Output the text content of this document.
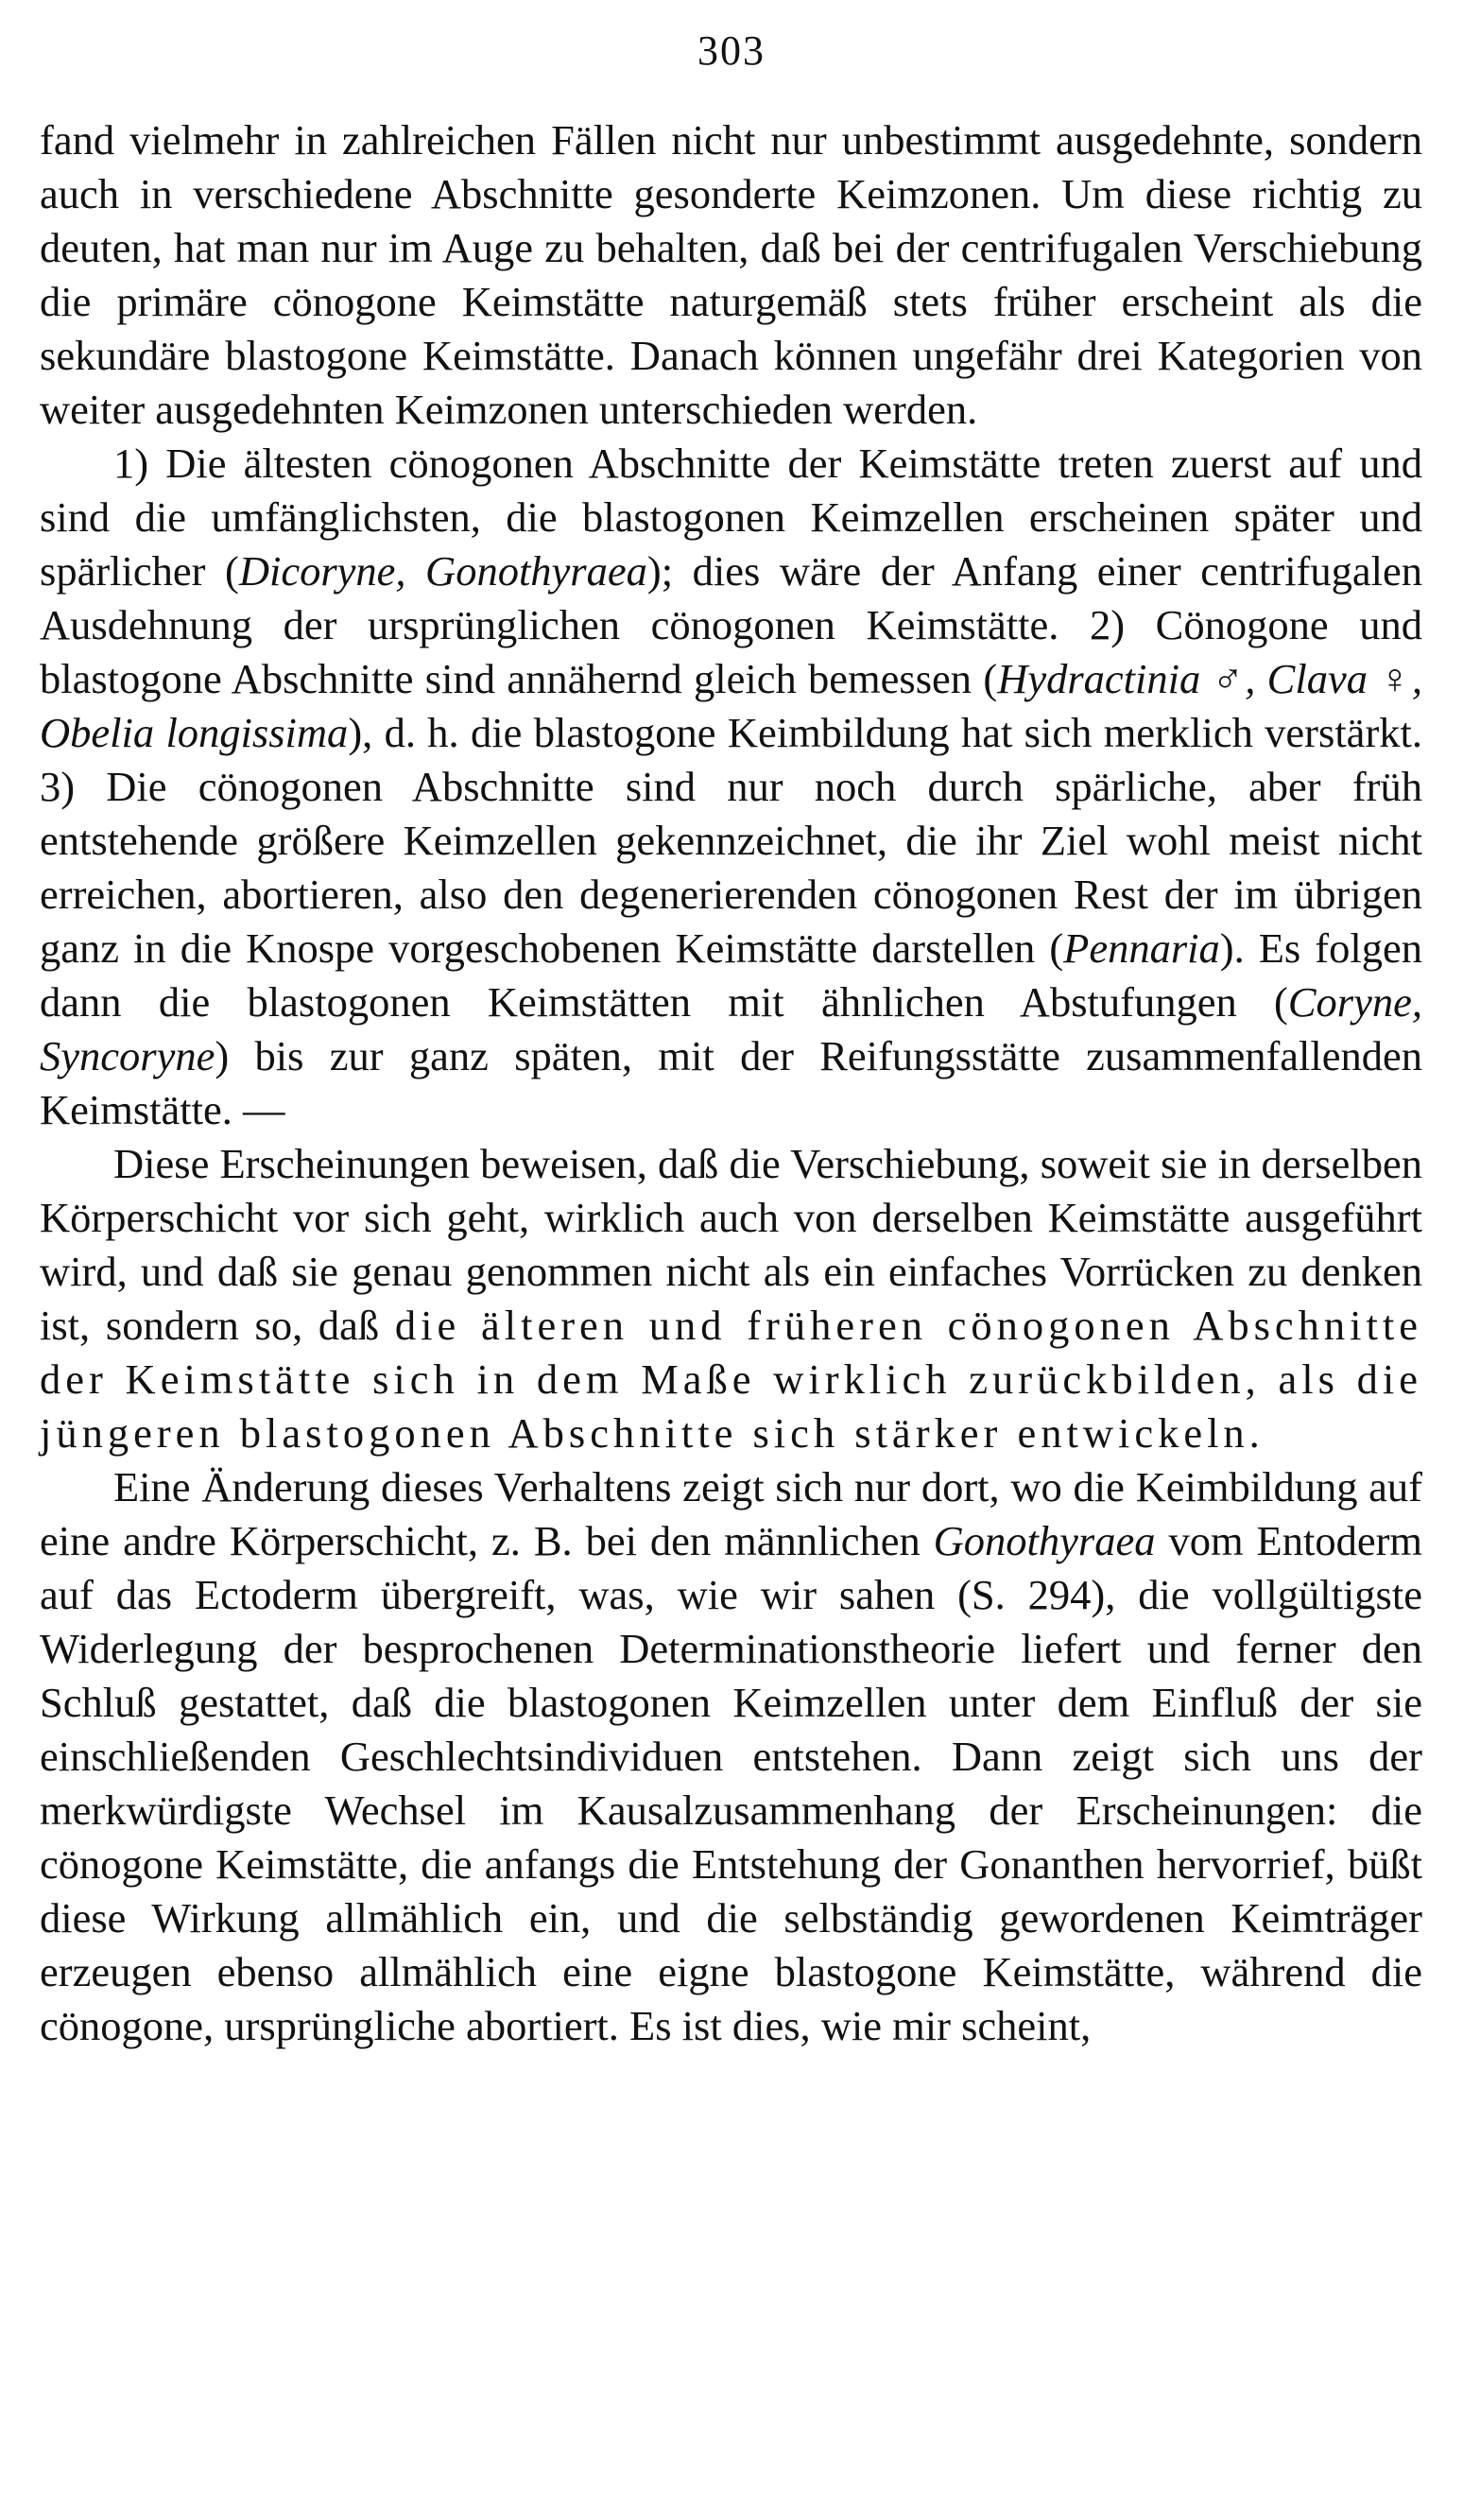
303

fand vielmehr in zahlreichen Fällen nicht nur unbestimmt ausgedehnte, sondern auch in verschiedene Abschnitte gesonderte Keimzonen. Um diese richtig zu deuten, hat man nur im Auge zu behalten, daß bei der centrifugalen Verschiebung die primäre cönogone Keimstätte naturgemäß stets früher erscheint als die sekundäre blastogone Keimstätte. Danach können ungefähr drei Kategorien von weiter ausgedehnten Keimzonen unterschieden werden.

1) Die ältesten cönogonen Abschnitte der Keimstätte treten zuerst auf und sind die umfänglichsten, die blastogonen Keimzellen erscheinen später und spärlicher (Dicoryne, Gonothyraea); dies wäre der Anfang einer centrifugalen Ausdehnung der ursprünglichen cönogonen Keimstätte. 2) Cönogone und blastogone Abschnitte sind annähernd gleich bemessen (Hydractinia ♂, Clava ♀, Obelia longissima), d. h. die blastogone Keimbildung hat sich merklich verstärkt. 3) Die cönogonen Abschnitte sind nur noch durch spärliche, aber früh entstehende größere Keimzellen gekennzeichnet, die ihr Ziel wohl meist nicht erreichen, abortieren, also den degenerierenden cönogonen Rest der im übrigen ganz in die Knospe vorgeschobenen Keimstätte darstellen (Pennaria). Es folgen dann die blastogonen Keimstätten mit ähnlichen Abstufungen (Coryne, Syncoryne) bis zur ganz späten, mit der Reifungsstätte zusammenfallenden Keimstätte. —

Diese Erscheinungen beweisen, daß die Verschiebung, soweit sie in derselben Körperschicht vor sich geht, wirklich auch von derselben Keimstätte ausgeführt wird, und daß sie genau genommen nicht als ein einfaches Vorrücken zu denken ist, sondern so, daß die älteren und früheren cönogonen Abschnitte der Keimstätte sich in dem Maße wirklich zurückbilden, als die jüngeren blastogonen Abschnitte sich stärker entwickeln.

Eine Änderung dieses Verhaltens zeigt sich nur dort, wo die Keimbildung auf eine andre Körperschicht, z. B. bei den männlichen Gonothyraea vom Entoderm auf das Ectoderm übergreift, was, wie wir sahen (S. 294), die vollgültigste Widerlegung der besprochenen Determinationstheorie liefert und ferner den Schluß gestattet, daß die blastogonen Keimzellen unter dem Einfluß der sie einschließenden Geschlechtsindividuen entstehen. Dann zeigt sich uns der merkwürdigste Wechsel im Kausalzusammenhang der Erscheinungen: die cönogone Keimstätte, die anfangs die Entstehung der Gonanthen hervorrief, büßt diese Wirkung allmählich ein, und die selbständig gewordenen Keimträger erzeugen ebenso allmählich eine eigne blastogone Keimstätte, während die cönogone, ursprüngliche abortiert. Es ist dies, wie mir scheint,
